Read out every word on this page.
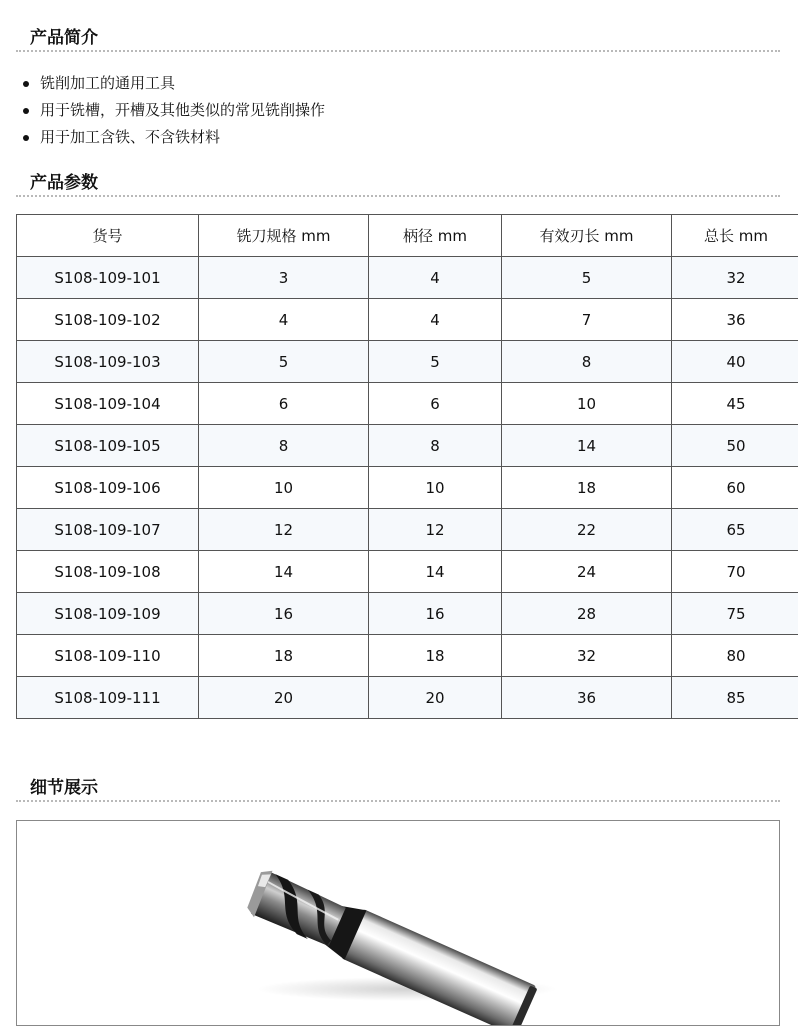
产品简介
铣削加工的通用工具
用于铣槽，开槽及其他类似的常见铣削操作
用于加工含铁、不含铁材料
产品参数
货号	铣刀规格 mm	柄径 mm	有效刃长 mm	总长 mm
S108-109-101	3	4	5	32
S108-109-102	4	4	7	36
S108-109-103	5	5	8	40
S108-109-104	6	6	10	45
S108-109-105	8	8	14	50
S108-109-106	10	10	18	60
S108-109-107	12	12	22	65
S108-109-108	14	14	24	70
S108-109-109	16	16	28	75
S108-109-110	18	18	32	80
S108-109-111	20	20	36	85
细节展示
